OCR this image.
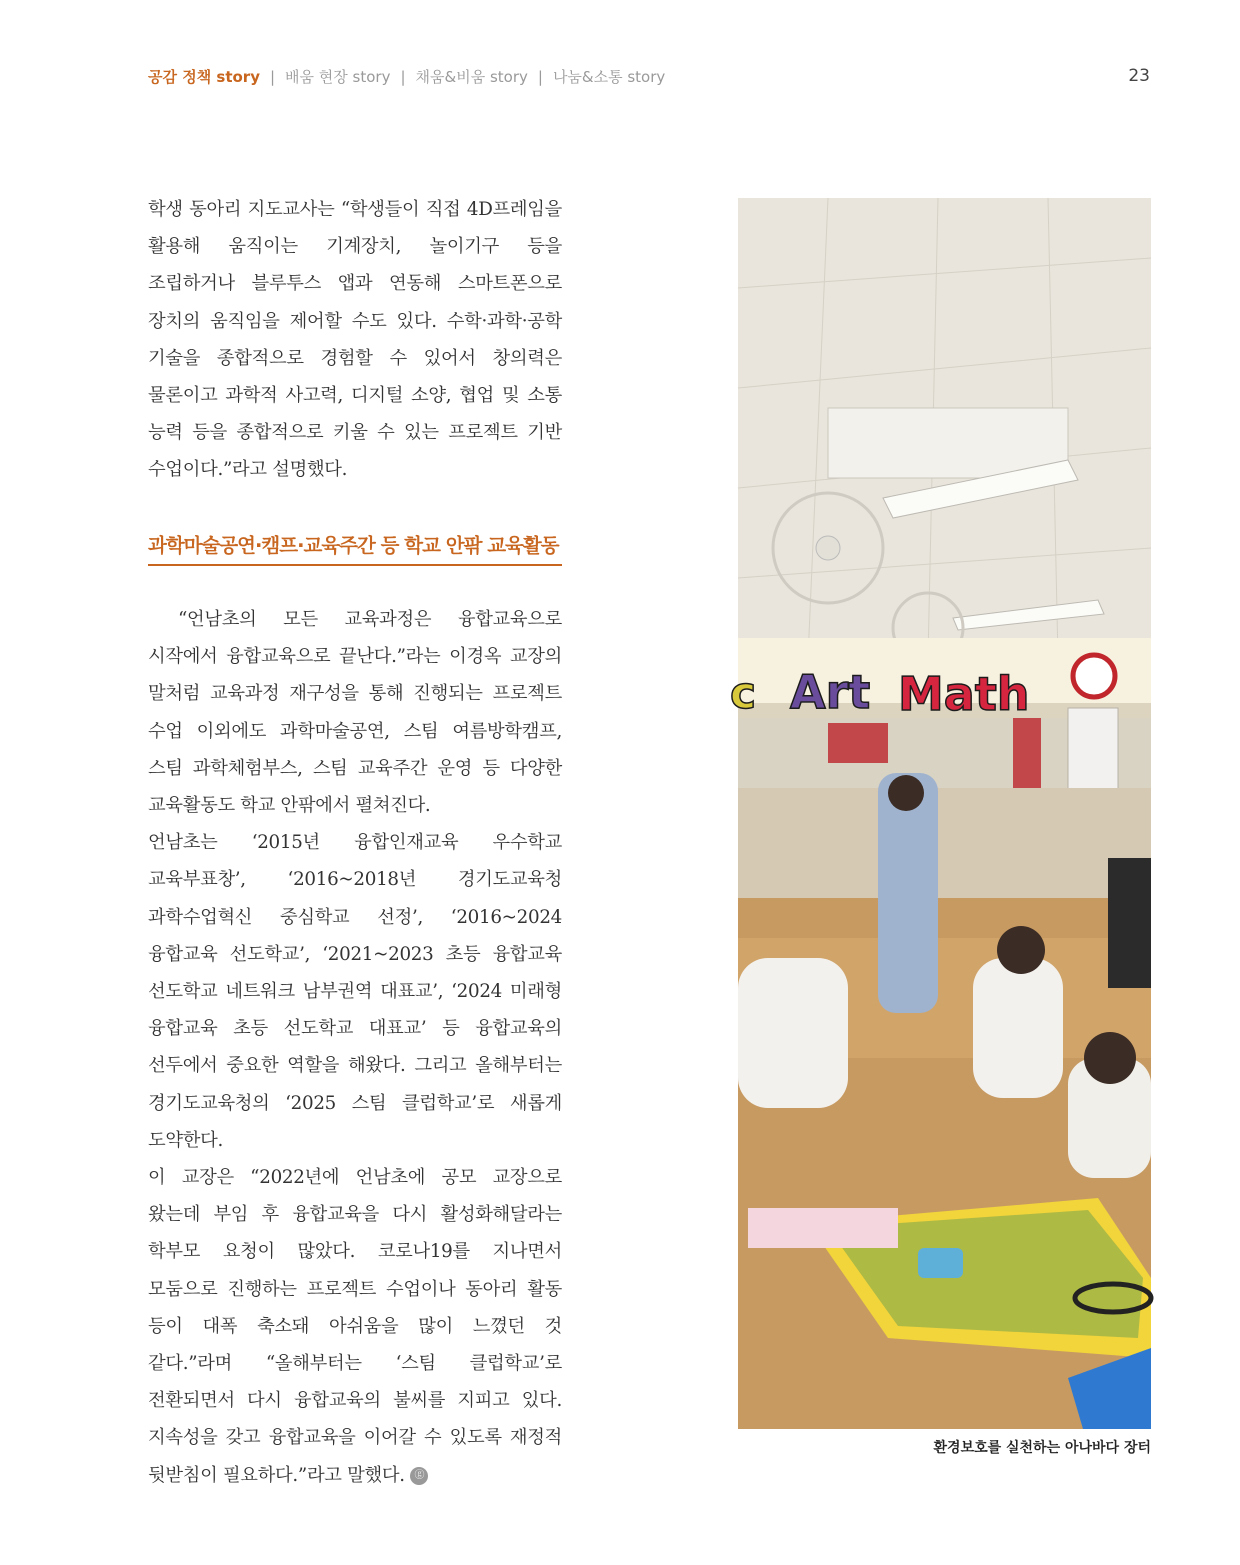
공감 정책 story | 배움 현장 story | 채움&비움 story | 나눔&소통 story	23

학생 동아리 지도교사는 “학생들이 직접 4D프레임을 활용해 움직이는 기계장치, 놀이기구 등을 조립하거나 블루투스 앱과 연동해 스마트폰으로 장치의 움직임을 제어할 수도 있다. 수학·과학·공학 기술을 종합적으로 경험할 수 있어서 창의력은 물론이고 과학적 사고력, 디지털 소양, 협업 및 소통 능력 등을 종합적으로 키울 수 있는 프로젝트 기반 수업이다.”라고 설명했다.

과학마술공연·캠프·교육주간 등 학교 안팎 교육활동

“언남초의 모든 교육과정은 융합교육으로 시작에서 융합교육으로 끝난다.”라는 이경옥 교장의 말처럼 교육과정 재구성을 통해 진행되는 프로젝트 수업 이외에도 과학마술공연, 스팀 여름방학캠프, 스팀 과학체험부스, 스팀 교육주간 운영 등 다양한 교육활동도 학교 안팎에서 펼쳐진다.

언남초는 ‘2015년 융합인재교육 우수학교 교육부표창’, ‘2016~2018년 경기도교육청 과학수업혁신 중심학교 선정’, ‘2016~2024 융합교육 선도학교’, ‘2021~2023 초등 융합교육 선도학교 네트워크 남부권역 대표교’, ‘2024 미래형 융합교육 초등 선도학교 대표교’ 등 융합교육의 선두에서 중요한 역할을 해왔다. 그리고 올해부터는 경기도교육청의 ‘2025 스팀 클럽학교’로 새롭게 도약한다.

이 교장은 “2022년에 언남초에 공모 교장으로 왔는데 부임 후 융합교육을 다시 활성화해달라는 학부모 요청이 많았다. 코로나19를 지나면서 모둠으로 진행하는 프로젝트 수업이나 동아리 활동 등이 대폭 축소돼 아쉬움을 많이 느꼈던 것 같다.”라며 “올해부터는 ‘스팀 클럽학교’로 전환되면서 다시 융합교육의 불씨를 지피고 있다. 지속성을 갖고 융합교육을 이어갈 수 있도록 재정적 뒷받침이 필요하다.”라고 말했다. ⓖ

c Art Math
환경보호를 실천하는 아나바다 장터
